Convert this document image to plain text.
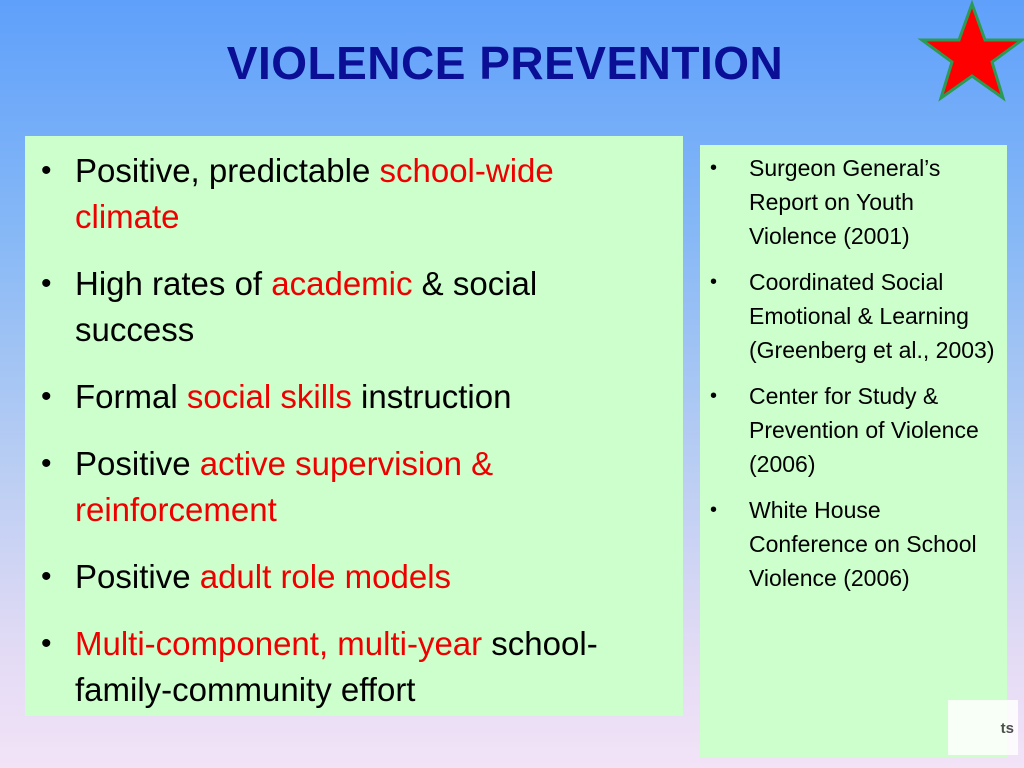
VIOLENCE PREVENTION
• Positive, predictable school-wide climate
• High rates of academic & social success
• Formal social skills instruction
• Positive active supervision & reinforcement
• Positive adult role models
• Multi-component, multi-year school-family-community effort
• Surgeon General’s Report on Youth Violence (2001)
• Coordinated Social Emotional & Learning (Greenberg et al., 2003)
• Center for Study & Prevention of Violence (2006)
• White House Conference on School Violence (2006)
ts
